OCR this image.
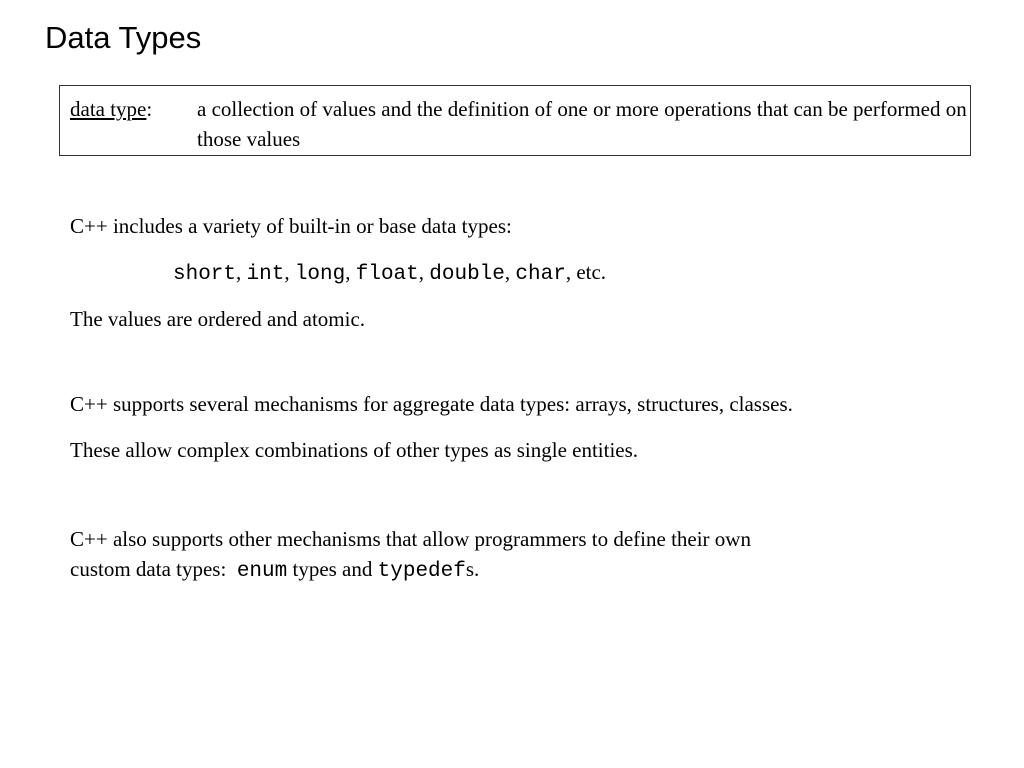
Data Types
data type: a collection of values and the definition of one or more operations that can be performed on those values

C++ includes a variety of built-in or base data types:

short, int, long, float, double, char, etc.

The values are ordered and atomic.

C++ supports several mechanisms for aggregate data types: arrays, structures, classes.

These allow complex combinations of other types as single entities.

C++ also supports other mechanisms that allow programmers to define their own
custom data types:  enum types and typedefs.
